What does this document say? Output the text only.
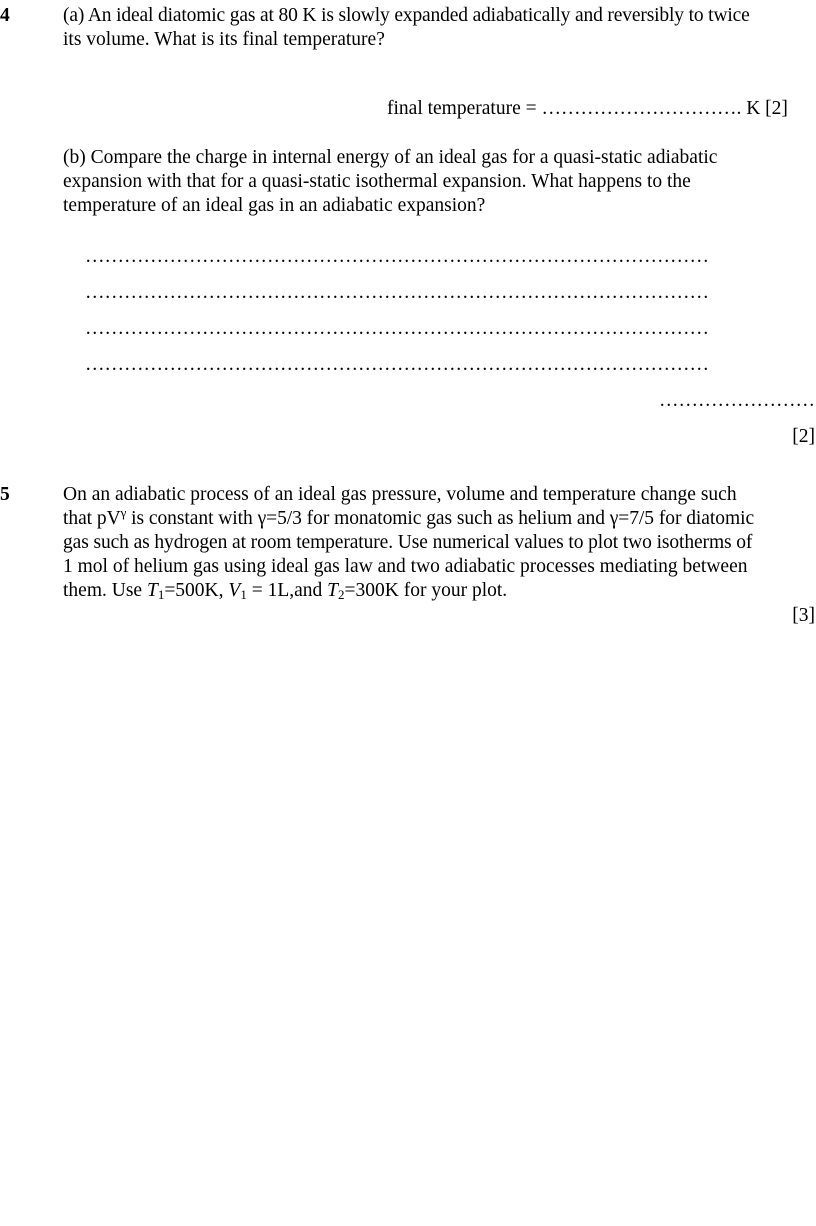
4	(a) An ideal diatomic gas at 80 K is slowly expanded adiabatically and reversibly to twice
its volume. What is its final temperature?
final temperature = …………………………. K [2]
(b) Compare the charge in internal energy of an ideal gas for a quasi-static adiabatic
expansion with that for a quasi-static isothermal expansion. What happens to the
temperature of an ideal gas in an adiabatic expansion?
……………………………………………………………………………………
……………………………………………………………………………………
……………………………………………………………………………………
……………………………………………………………………………………
……………………
[2]
5	On an adiabatic process of an ideal gas pressure, volume and temperature change such
that $pV^\gamma$ is constant with γ=5/3 for monatomic gas such as helium and γ=7/5 for diatomic
gas such as hydrogen at room temperature. Use numerical values to plot two isotherms of
1 mol of helium gas using ideal gas law and two adiabatic processes mediating between
them. Use $T_1=500K$, $V_1 = 1L,and$ $T_2=300K$ for your plot.
[3]
